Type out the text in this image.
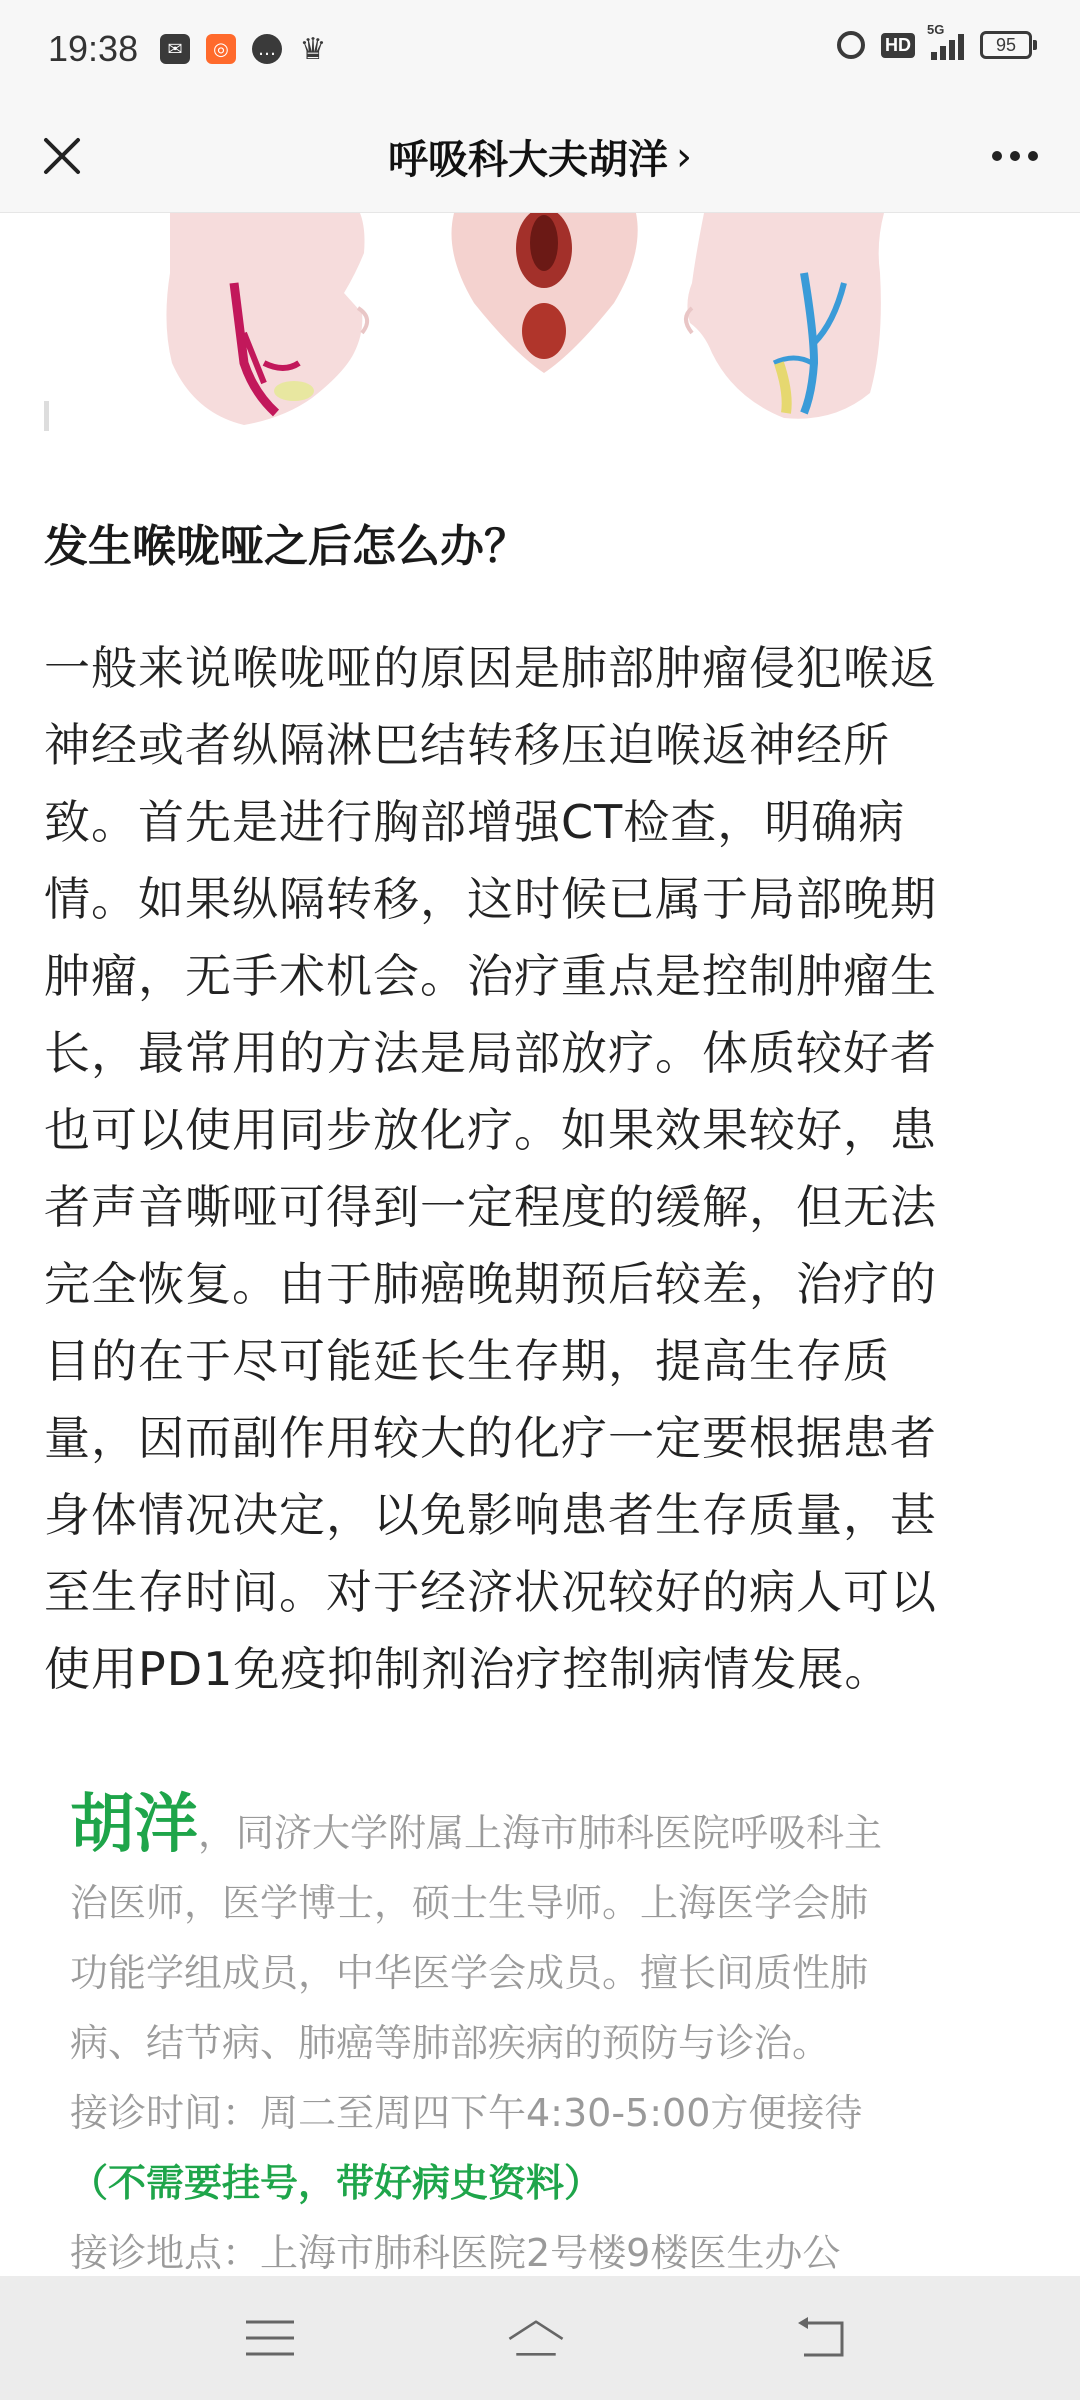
19:38	✉	◎	… ♛	HD
5G
95
呼吸科大夫胡洋 ›
发生喉咙哑之后怎么办？
一般来说喉咙哑的原因是肺部肿瘤侵犯喉返
神经或者纵隔淋巴结转移压迫喉返神经所
致。首先是进行胸部增强CT检查，明确病
情。如果纵隔转移，这时候已属于局部晚期
肿瘤，无手术机会。治疗重点是控制肿瘤生
长，最常用的方法是局部放疗。体质较好者
也可以使用同步放化疗。如果效果较好，患
者声音嘶哑可得到一定程度的缓解，但无法
完全恢复。由于肺癌晚期预后较差，治疗的
目的在于尽可能延长生存期，提高生存质
量，因而副作用较大的化疗一定要根据患者
身体情况决定，以免影响患者生存质量，甚
至生存时间。对于经济状况较好的病人可以
使用PD1免疫抑制剂治疗控制病情发展。
胡洋，同济大学附属上海市肺科医院呼吸科主
治医师，医学博士，硕士生导师。上海医学会肺
功能学组成员，中华医学会成员。擅长间质性肺
病、结节病、肺癌等肺部疾病的预防与诊治。
接诊时间：周二至周四下午4:30-5:00方便接待
（不需要挂号，带好病史资料）
接诊地点：上海市肺科医院2号楼9楼医生办公
